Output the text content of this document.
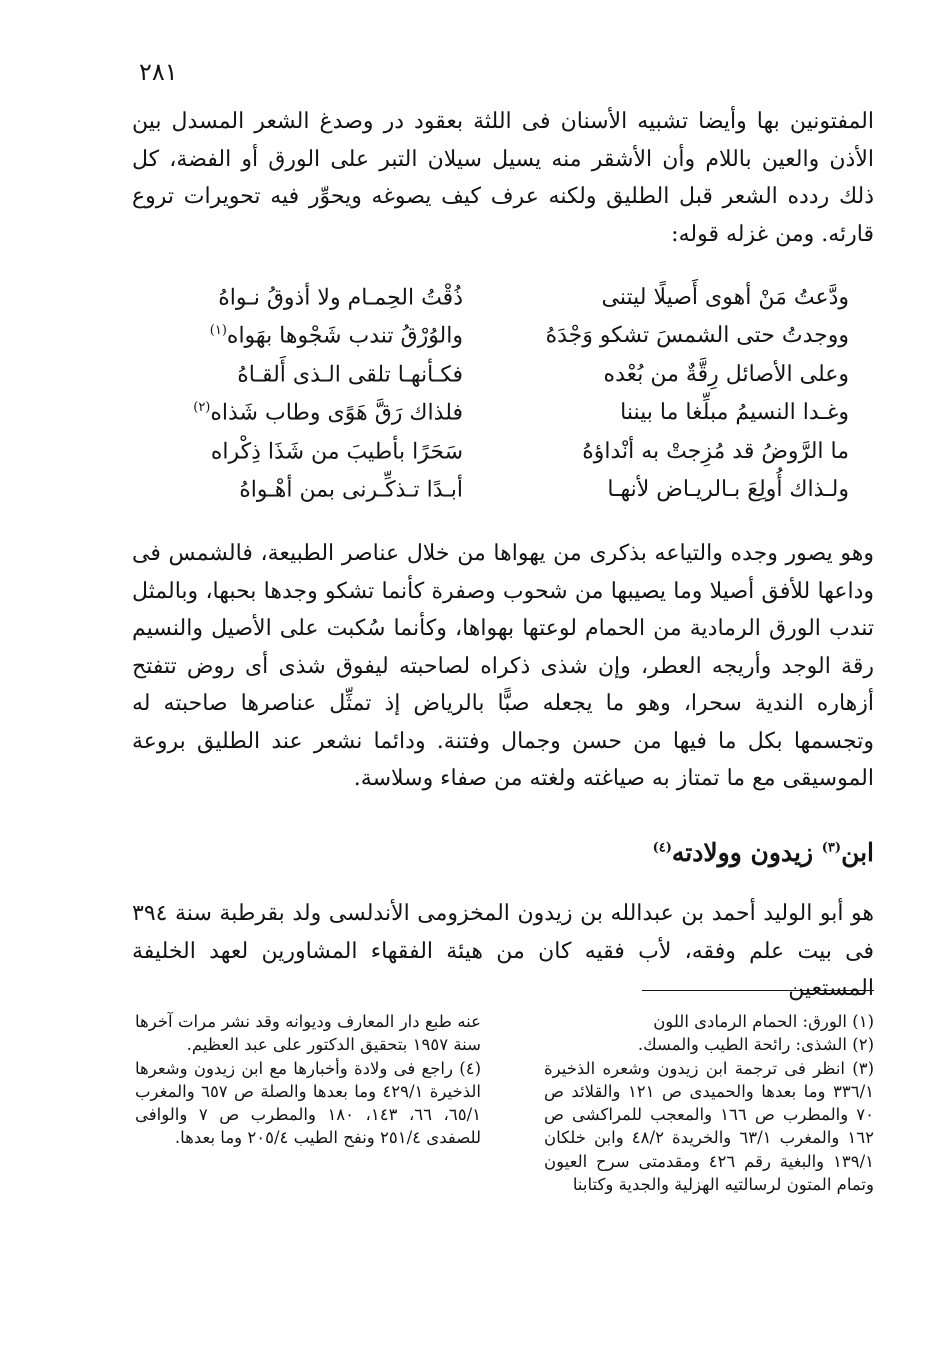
٢٨١

المفتونين بها وأيضا تشبيه الأسنان فى اللثة بعقود در وصدغ الشعر المسدل بين الأذن والعين باللام وأن الأشقر منه يسيل سيلان التبر على الورق أو الفضة، كل ذلك ردده الشعر قبل الطليق ولكنه عرف كيف يصوغه ويحوِّر فيه تحويرات تروع قارئه. ومن غزله قوله:

ودَّعتُ مَنْ أهوى أَصيلًا ليتنى
ذُقْتُ الحِمـام ولا أذوقُ نـواهُ
ووجدتُ حتى الشمسَ تشكو وَجْدَهُ
والوُرْقُ تندب شَجْوها بهَواه$^{(١)}$
وعلى الأصائل رِقَّةٌ من بُعْده
فكـأنهـا تلقى الـذى أَلقـاهُ
وغـدا النسيمُ مبلِّغا ما بيننا
فلذاك رَقَّ هَوًى وطاب شَذاه$^{(٢)}$
ما الرَّوضُ قد مُزِجتْ به أنْداؤهُ
سَحَرًا بأطيبَ من شَذَا ذِكْراه
ولـذاك أُولِعَ بـالريـاض لأنهـا
أبـدًا تـذكِّـرنى بمن أهْـواهُ

وهو يصور وجده والتياعه بذكرى من يهواها من خلال عناصر الطبيعة، فالشمس فى وداعها للأفق أصيلا وما يصيبها من شحوب وصفرة كأنما تشكو وجدها بحبها، وبالمثل تندب الورق الرمادية من الحمام لوعتها بهواها، وكأنما سُكبت على الأصيل والنسيم رقة الوجد وأريجه العطر، وإن شذى ذكراه لصاحبته ليفوق شذى أى روض تتفتح أزهاره الندية سحرا، وهو ما يجعله صبًّا بالرياض إذ تمثِّل عناصرها صاحبته له وتجسمها بكل ما فيها من حسن وجمال وفتنة. ودائما نشعر عند الطليق بروعة الموسيقى مع ما تمتاز به صياغته ولغته من صفاء وسلاسة.

ابن$^{(٣)}$ زيدون وولادته$^{(٤)}$

هو أبو الوليد أحمد بن عبدالله بن زيدون المخزومى الأندلسى ولد بقرطبة سنة ٣٩٤ فى بيت علم وفقه، لأب فقيه كان من هيئة الفقهاء المشاورين لعهد الخليفة المستعين

(١) الورق: الحمام الرمادى اللون

(٢) الشذى: رائحة الطيب والمسك.

(٣) انظر فى ترجمة ابن زيدون وشعره الذخيرة ٣٣٦/١ وما بعدها والحميدى ص ١٢١ والقلائد ص ٧٠ والمطرب ص ١٦٦ والمعجب للمراكشى ص ١٦٢ والمغرب ٦٣/١ والخريدة ٤٨/٢ وابن خلكان ١٣٩/١ والبغية رقم ٤٢٦ ومقدمتى سرح العيون وتمام المتون لرسالتيه الهزلية والجدية وكتابنا

عنه طبع دار المعارف وديوانه وقد نشر مرات آخرها سنة ١٩٥٧ بتحقيق الدكتور على عبد العظيم.

(٤) راجع فى ولادة وأخبارها مع ابن زيدون وشعرها الذخيرة ٤٢٩/١ وما بعدها والصلة ص ٦٥٧ والمغرب ٦٥/١، ٦٦، ١٤٣، ١٨٠ والمطرب ص ٧ والوافى للصفدى ٢٥١/٤ ونفح الطيب ٢٠٥/٤ وما بعدها.
